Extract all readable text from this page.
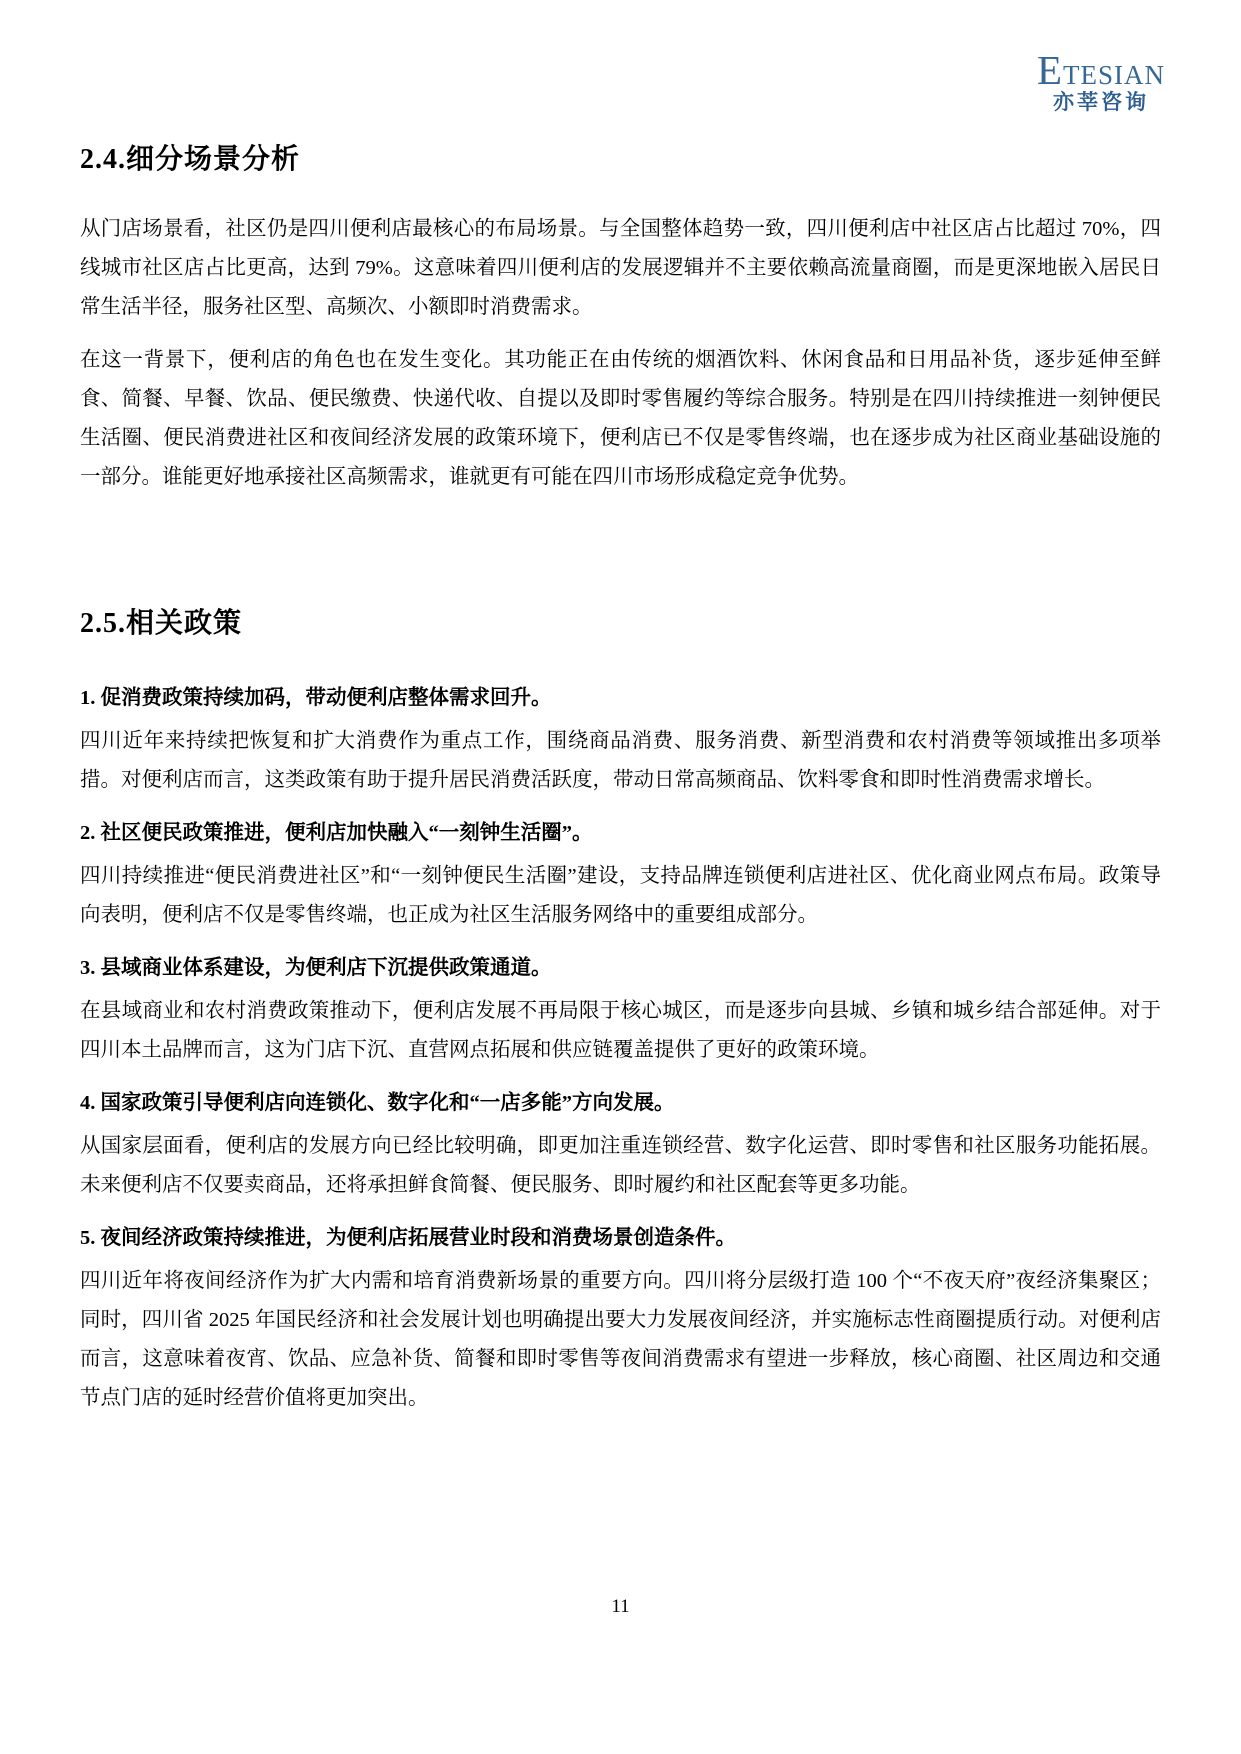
ETESIAN
亦莘咨询
2.4.细分场景分析

从门店场景看，社区仍是四川便利店最核心的布局场景。与全国整体趋势一致，四川便利店中社区店占比超过 70%，四线城市社区店占比更高，达到 79%。这意味着四川便利店的发展逻辑并不主要依赖高流量商圈，而是更深地嵌入居民日常生活半径，服务社区型、高频次、小额即时消费需求。

在这一背景下，便利店的角色也在发生变化。其功能正在由传统的烟酒饮料、休闲食品和日用品补货，逐步延伸至鲜食、简餐、早餐、饮品、便民缴费、快递代收、自提以及即时零售履约等综合服务。特别是在四川持续推进一刻钟便民生活圈、便民消费进社区和夜间经济发展的政策环境下，便利店已不仅是零售终端，也在逐步成为社区商业基础设施的一部分。谁能更好地承接社区高频需求，谁就更有可能在四川市场形成稳定竞争优势。

2.5.相关政策

1. 促消费政策持续加码，带动便利店整体需求回升。

四川近年来持续把恢复和扩大消费作为重点工作，围绕商品消费、服务消费、新型消费和农村消费等领域推出多项举措。对便利店而言，这类政策有助于提升居民消费活跃度，带动日常高频商品、饮料零食和即时性消费需求增长。

2. 社区便民政策推进，便利店加快融入“一刻钟生活圈”。

四川持续推进“便民消费进社区”和“一刻钟便民生活圈”建设，支持品牌连锁便利店进社区、优化商业网点布局。政策导向表明，便利店不仅是零售终端，也正成为社区生活服务网络中的重要组成部分。

3. 县域商业体系建设，为便利店下沉提供政策通道。

在县域商业和农村消费政策推动下，便利店发展不再局限于核心城区，而是逐步向县城、乡镇和城乡结合部延伸。对于四川本土品牌而言，这为门店下沉、直营网点拓展和供应链覆盖提供了更好的政策环境。

4. 国家政策引导便利店向连锁化、数字化和“一店多能”方向发展。

从国家层面看，便利店的发展方向已经比较明确，即更加注重连锁经营、数字化运营、即时零售和社区服务功能拓展。未来便利店不仅要卖商品，还将承担鲜食简餐、便民服务、即时履约和社区配套等更多功能。

5. 夜间经济政策持续推进，为便利店拓展营业时段和消费场景创造条件。

四川近年将夜间经济作为扩大内需和培育消费新场景的重要方向。四川将分层级打造 100 个“不夜天府”夜经济集聚区；同时，四川省 2025 年国民经济和社会发展计划也明确提出要大力发展夜间经济，并实施标志性商圈提质行动。对便利店而言，这意味着夜宵、饮品、应急补货、简餐和即时零售等夜间消费需求有望进一步释放，核心商圈、社区周边和交通节点门店的延时经营价值将更加突出。

11
